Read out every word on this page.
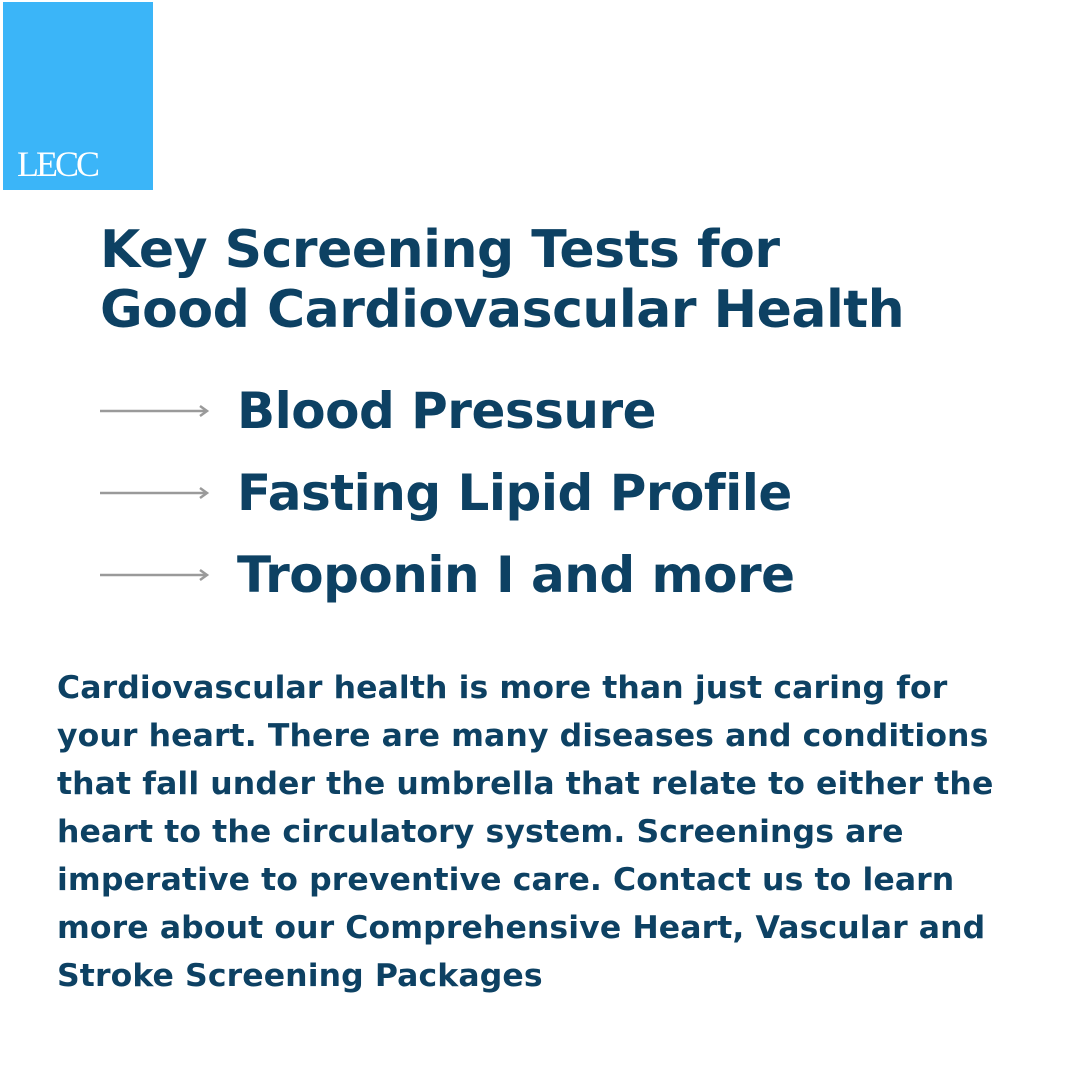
LECC
Key Screening Tests for
Good Cardiovascular Health
Blood Pressure
Fasting Lipid Profile
Troponin I and more

Cardiovascular health is more than just caring for your heart. There are many diseases and conditions that fall under the umbrella that relate to either the heart to the circulatory system. Screenings are imperative to preventive care. Contact us to learn more about our Comprehensive Heart, Vascular and Stroke Screening Packages
